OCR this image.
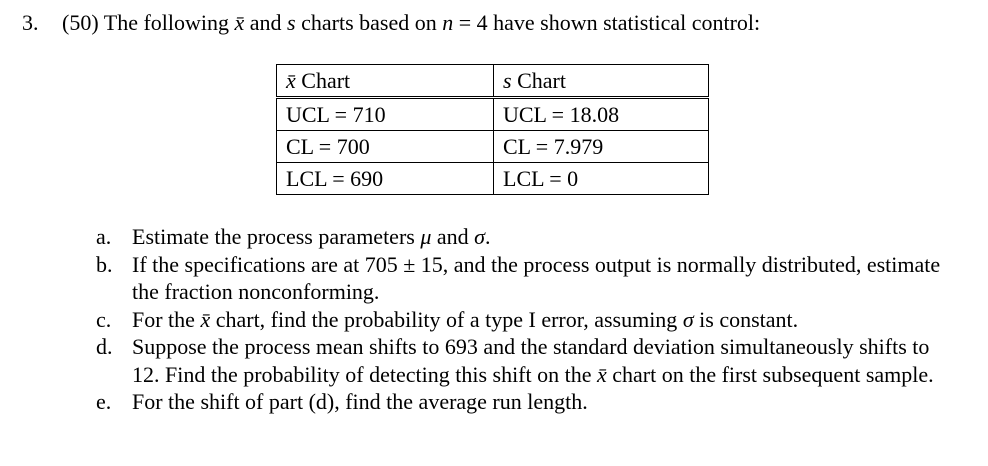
3. (50) The following x̄ and s charts based on n = 4 have shown statistical control:
x̄ Chart	s Chart
UCL = 710	UCL = 18.08
CL = 700	CL = 7.979
LCL = 690	LCL = 0
a. Estimate the process parameters μ and σ.
b. If the specifications are at 705 ± 15, and the process output is normally distributed, estimate the fraction nonconforming.
c. For the x̄ chart, find the probability of a type I error, assuming σ is constant.
d. Suppose the process mean shifts to 693 and the standard deviation simultaneously shifts to 12. Find the probability of detecting this shift on the x̄ chart on the first subsequent sample.
e. For the shift of part (d), find the average run length.
